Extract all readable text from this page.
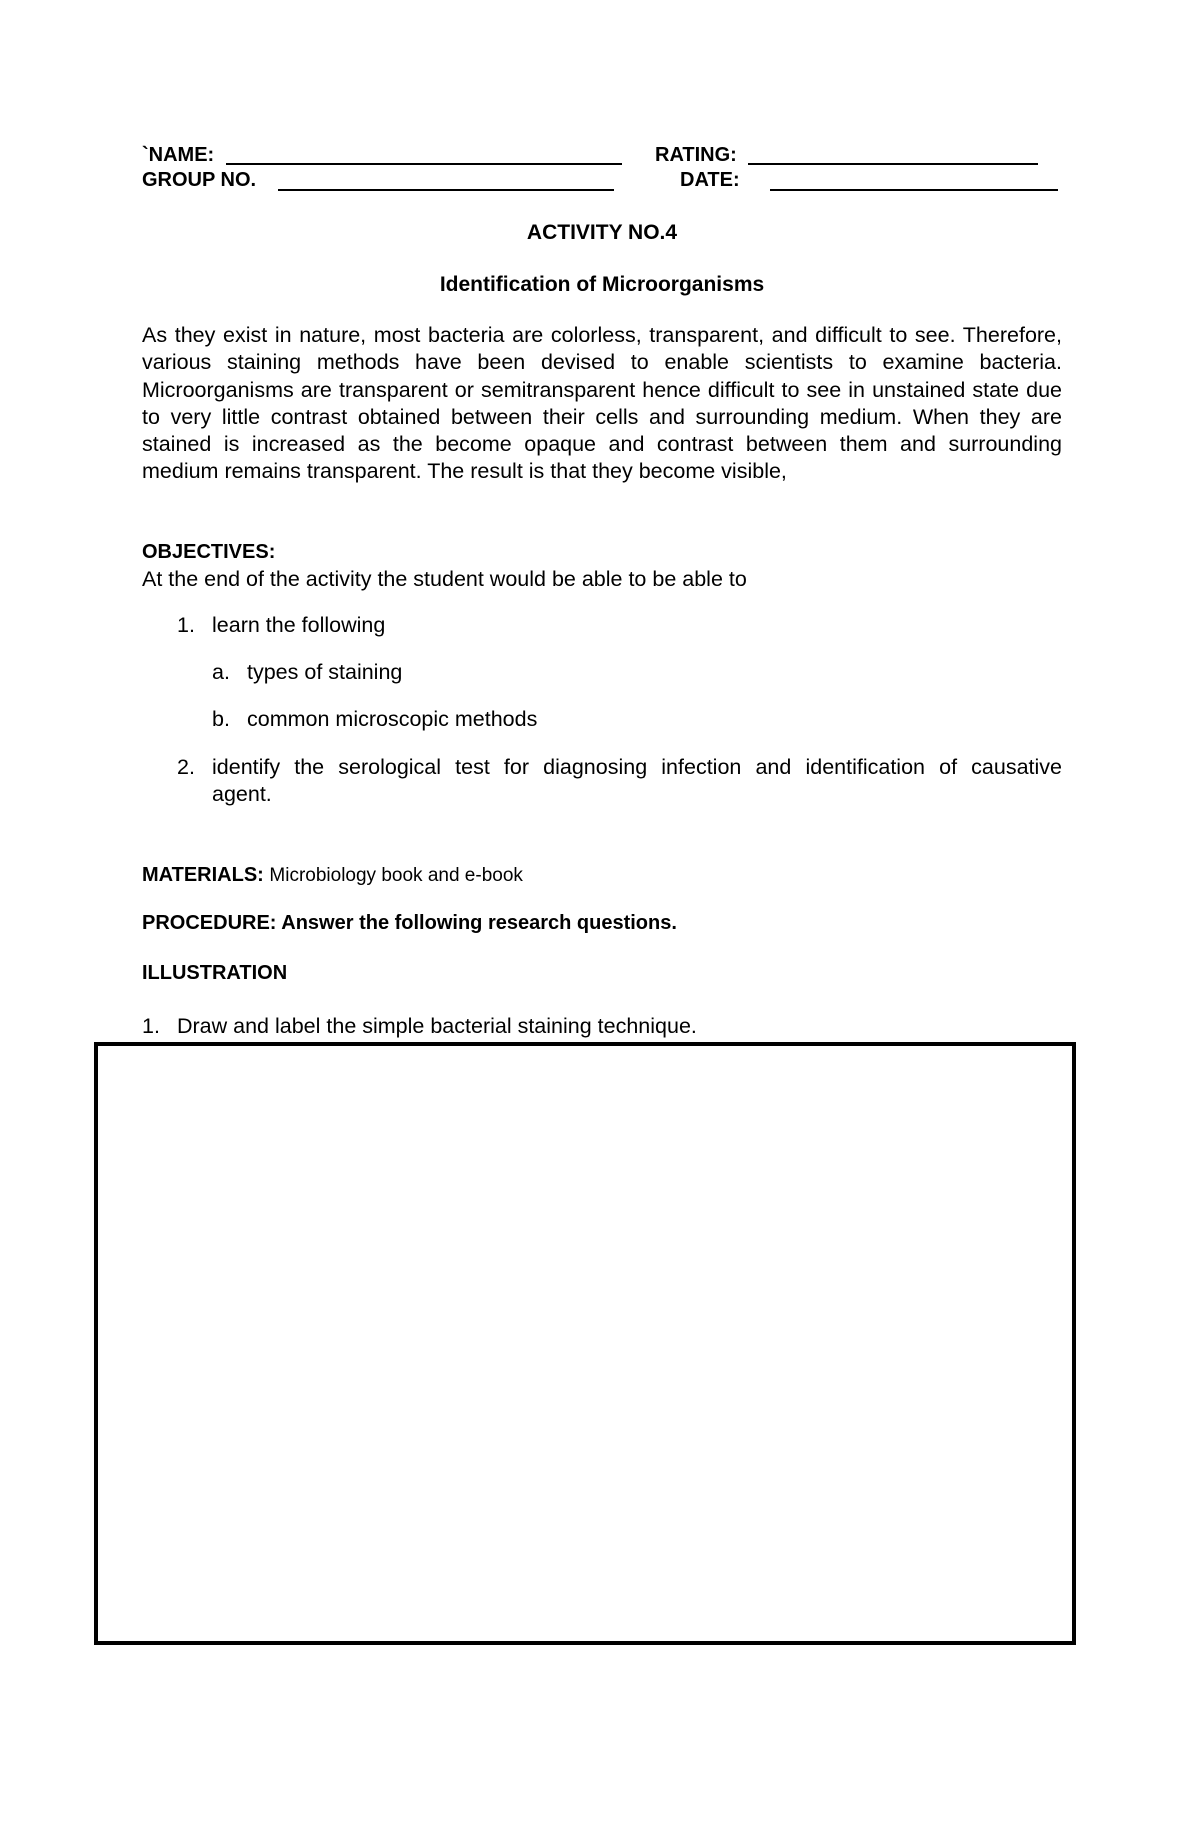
`NAME:	RATING:
GROUP NO.	DATE:
ACTIVITY NO.4
Identification of Microorganisms
As they exist in nature, most bacteria are colorless, transparent, and difficult to see. Therefore, various staining methods have been devised to enable scientists to examine bacteria. Microorganisms are transparent or semitransparent hence difficult to see in unstained state due to very little contrast obtained between their cells and surrounding medium. When they are stained is increased as the become opaque and contrast between them and surrounding medium remains transparent. The result is that they become visible,
OBJECTIVES:
At the end of the activity the student would be able to be able to
1. learn the following
a. types of staining
b. common microscopic methods
2. identify the serological test for diagnosing infection and identification of causative
agent.
MATERIALS: Microbiology book and e-book
PROCEDURE: Answer the following research questions.
ILLUSTRATION
1. Draw and label the simple bacterial staining technique.
